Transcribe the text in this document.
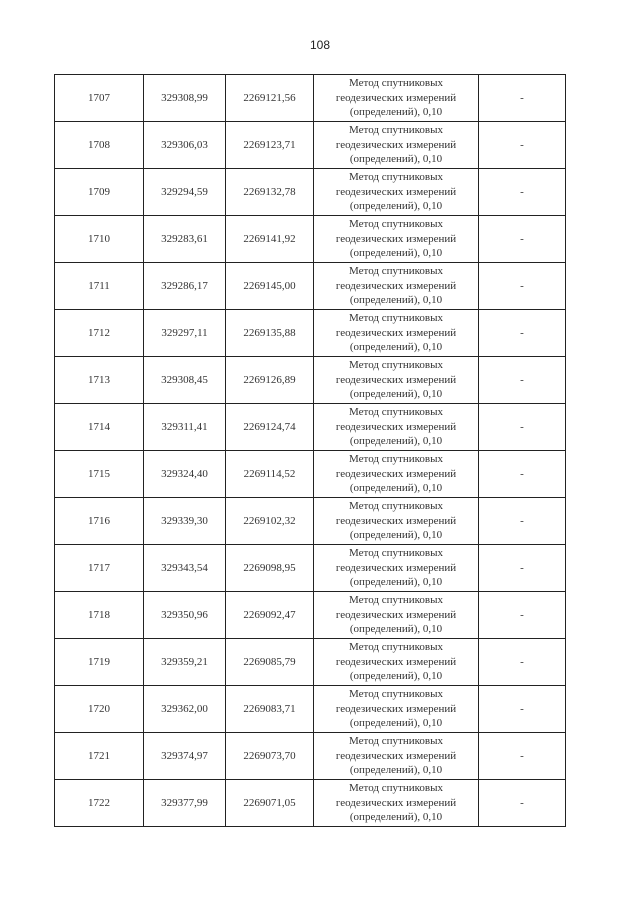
108
1707	329308,99	2269121,56	Метод спутниковых
геодезических измерений
(определений), 0,10	-
1708	329306,03	2269123,71	Метод спутниковых
геодезических измерений
(определений), 0,10	-
1709	329294,59	2269132,78	Метод спутниковых
геодезических измерений
(определений), 0,10	-
1710	329283,61	2269141,92	Метод спутниковых
геодезических измерений
(определений), 0,10	-
1711	329286,17	2269145,00	Метод спутниковых
геодезических измерений
(определений), 0,10	-
1712	329297,11	2269135,88	Метод спутниковых
геодезических измерений
(определений), 0,10	-
1713	329308,45	2269126,89	Метод спутниковых
геодезических измерений
(определений), 0,10	-
1714	329311,41	2269124,74	Метод спутниковых
геодезических измерений
(определений), 0,10	-
1715	329324,40	2269114,52	Метод спутниковых
геодезических измерений
(определений), 0,10	-
1716	329339,30	2269102,32	Метод спутниковых
геодезических измерений
(определений), 0,10	-
1717	329343,54	2269098,95	Метод спутниковых
геодезических измерений
(определений), 0,10	-
1718	329350,96	2269092,47	Метод спутниковых
геодезических измерений
(определений), 0,10	-
1719	329359,21	2269085,79	Метод спутниковых
геодезических измерений
(определений), 0,10	-
1720	329362,00	2269083,71	Метод спутниковых
геодезических измерений
(определений), 0,10	-
1721	329374,97	2269073,70	Метод спутниковых
геодезических измерений
(определений), 0,10	-
1722	329377,99	2269071,05	Метод спутниковых
геодезических измерений
(определений), 0,10	-
